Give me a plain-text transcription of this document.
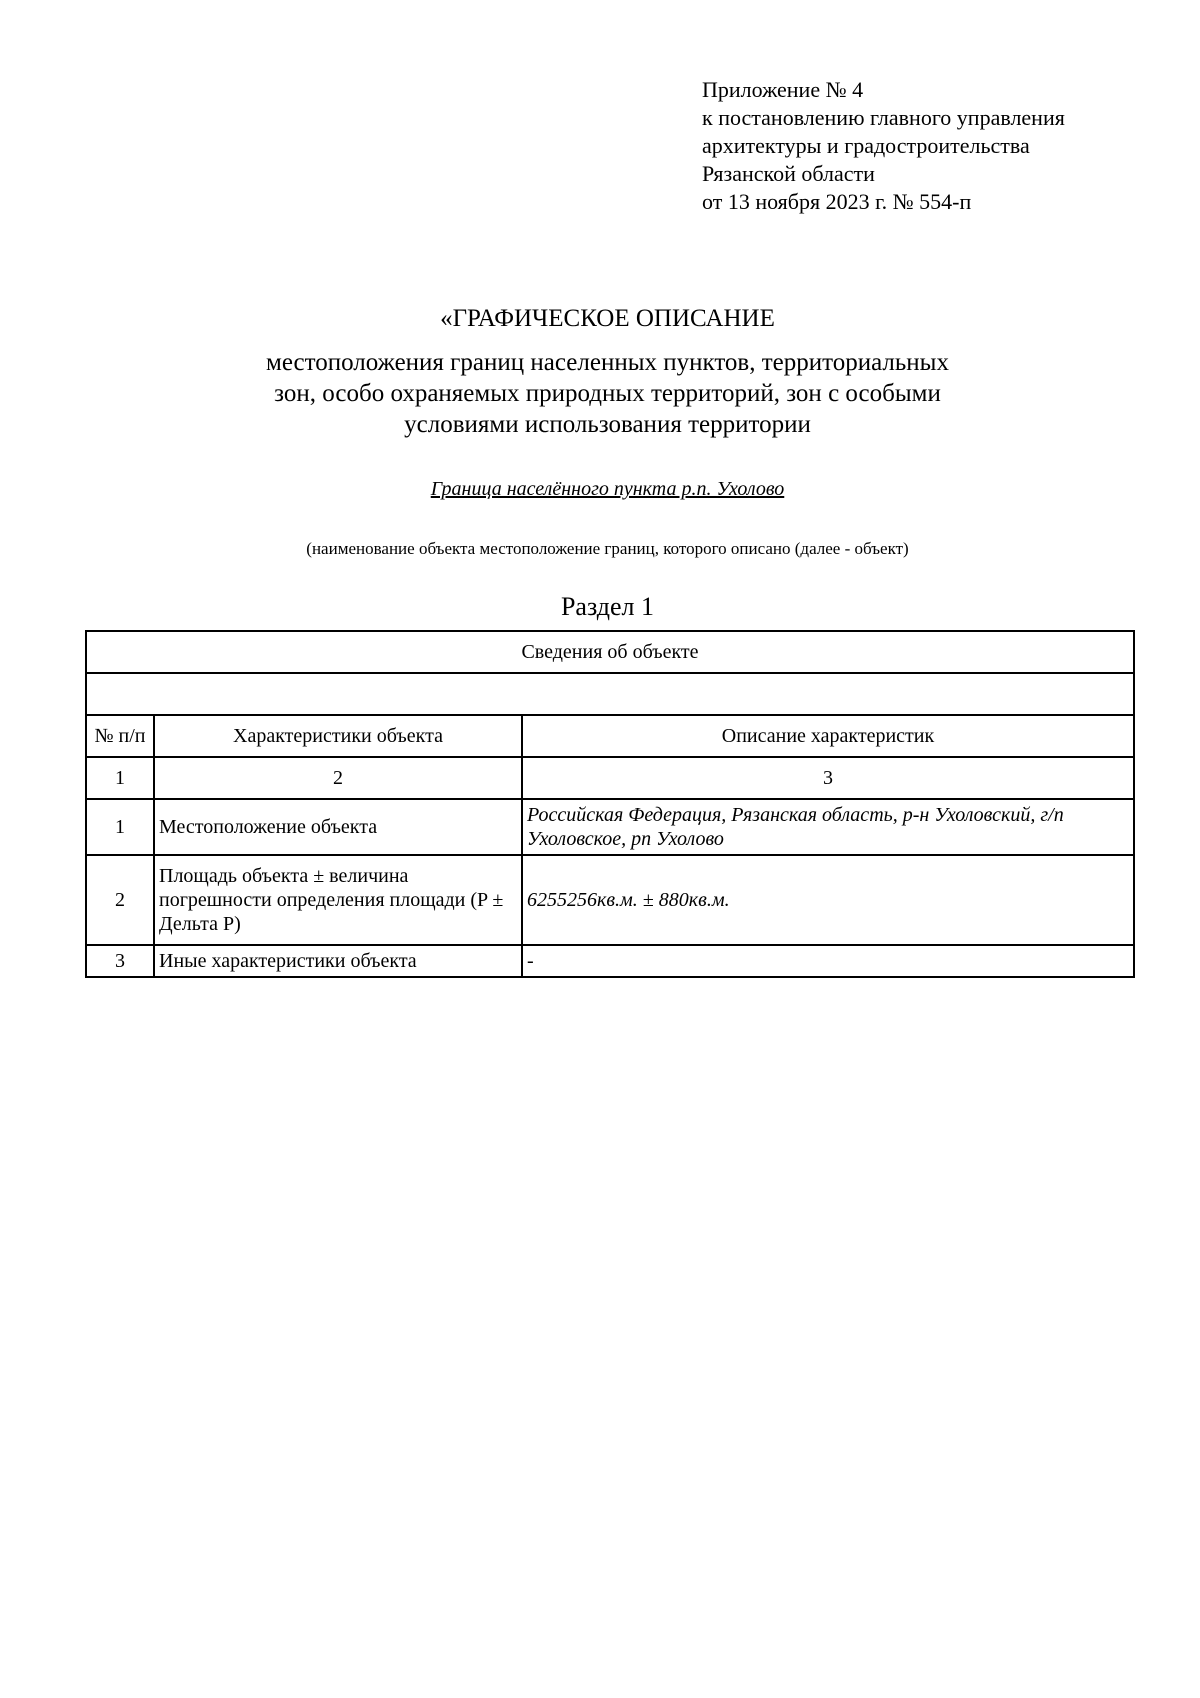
Приложение № 4
к постановлению главного управления
архитектуры и градостроительства
Рязанской области
от 13 ноября 2023 г. № 554-п
«ГРАФИЧЕСКОЕ ОПИСАНИЕ
местоположения границ населенных пунктов, территориальных
зон, особо охраняемых природных территорий, зон с особыми
условиями использования территории
Граница населённого пункта р.п. Ухолово
(наименование объекта местоположение границ, которого описано (далее - объект)
Раздел 1
Сведения об объекте		

№ п/п	Характеристики объекта	Описание характеристик
1	2	3
1	Местоположение объекта	Российская Федерация, Рязанская область, р-н Ухоловский, г/п Ухоловское, рп Ухолово
2	Площадь объекта ± величина погрешности определения площади (P ± Дельта P)	6255256кв.м. ± 880кв.м.
3	Иные характеристики объекта	-
